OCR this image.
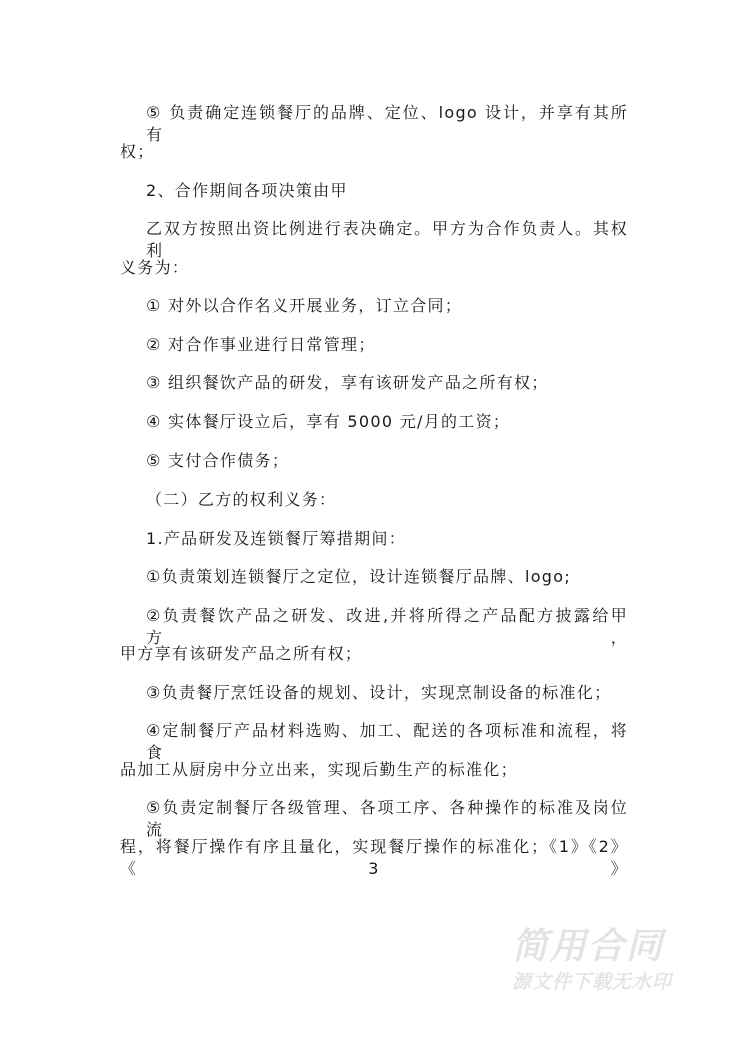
⑤ 负责确定连锁餐厅的品牌、定位、logo 设计，并享有其所有
权；
2、合作期间各项决策由甲
乙双方按照出资比例进行表决确定。甲方为合作负责人。其权利
义务为：
① 对外以合作名义开展业务，订立合同；
② 对合作事业进行日常管理；
③ 组织餐饮产品的研发，享有该研发产品之所有权；
④ 实体餐厅设立后，享有 5000 元/月的工资；
⑤ 支付合作债务；
（二）乙方的权利义务：
1.产品研发及连锁餐厅筹措期间：
①负责策划连锁餐厅之定位，设计连锁餐厅品牌、logo;
②负责餐饮产品之研发、改进,并将所得之产品配方披露给甲方，
甲方享有该研发产品之所有权；
③负责餐厅烹饪设备的规划、设计，实现烹制设备的标准化；
④定制餐厅产品材料选购、加工、配送的各项标准和流程，将食
品加工从厨房中分立出来，实现后勤生产的标准化；
⑤负责定制餐厅各级管理、各项工序、各种操作的标准及岗位流
程，将餐厅操作有序且量化，实现餐厅操作的标准化；《1》《2》《3》
简用合同
源文件下载无水印
